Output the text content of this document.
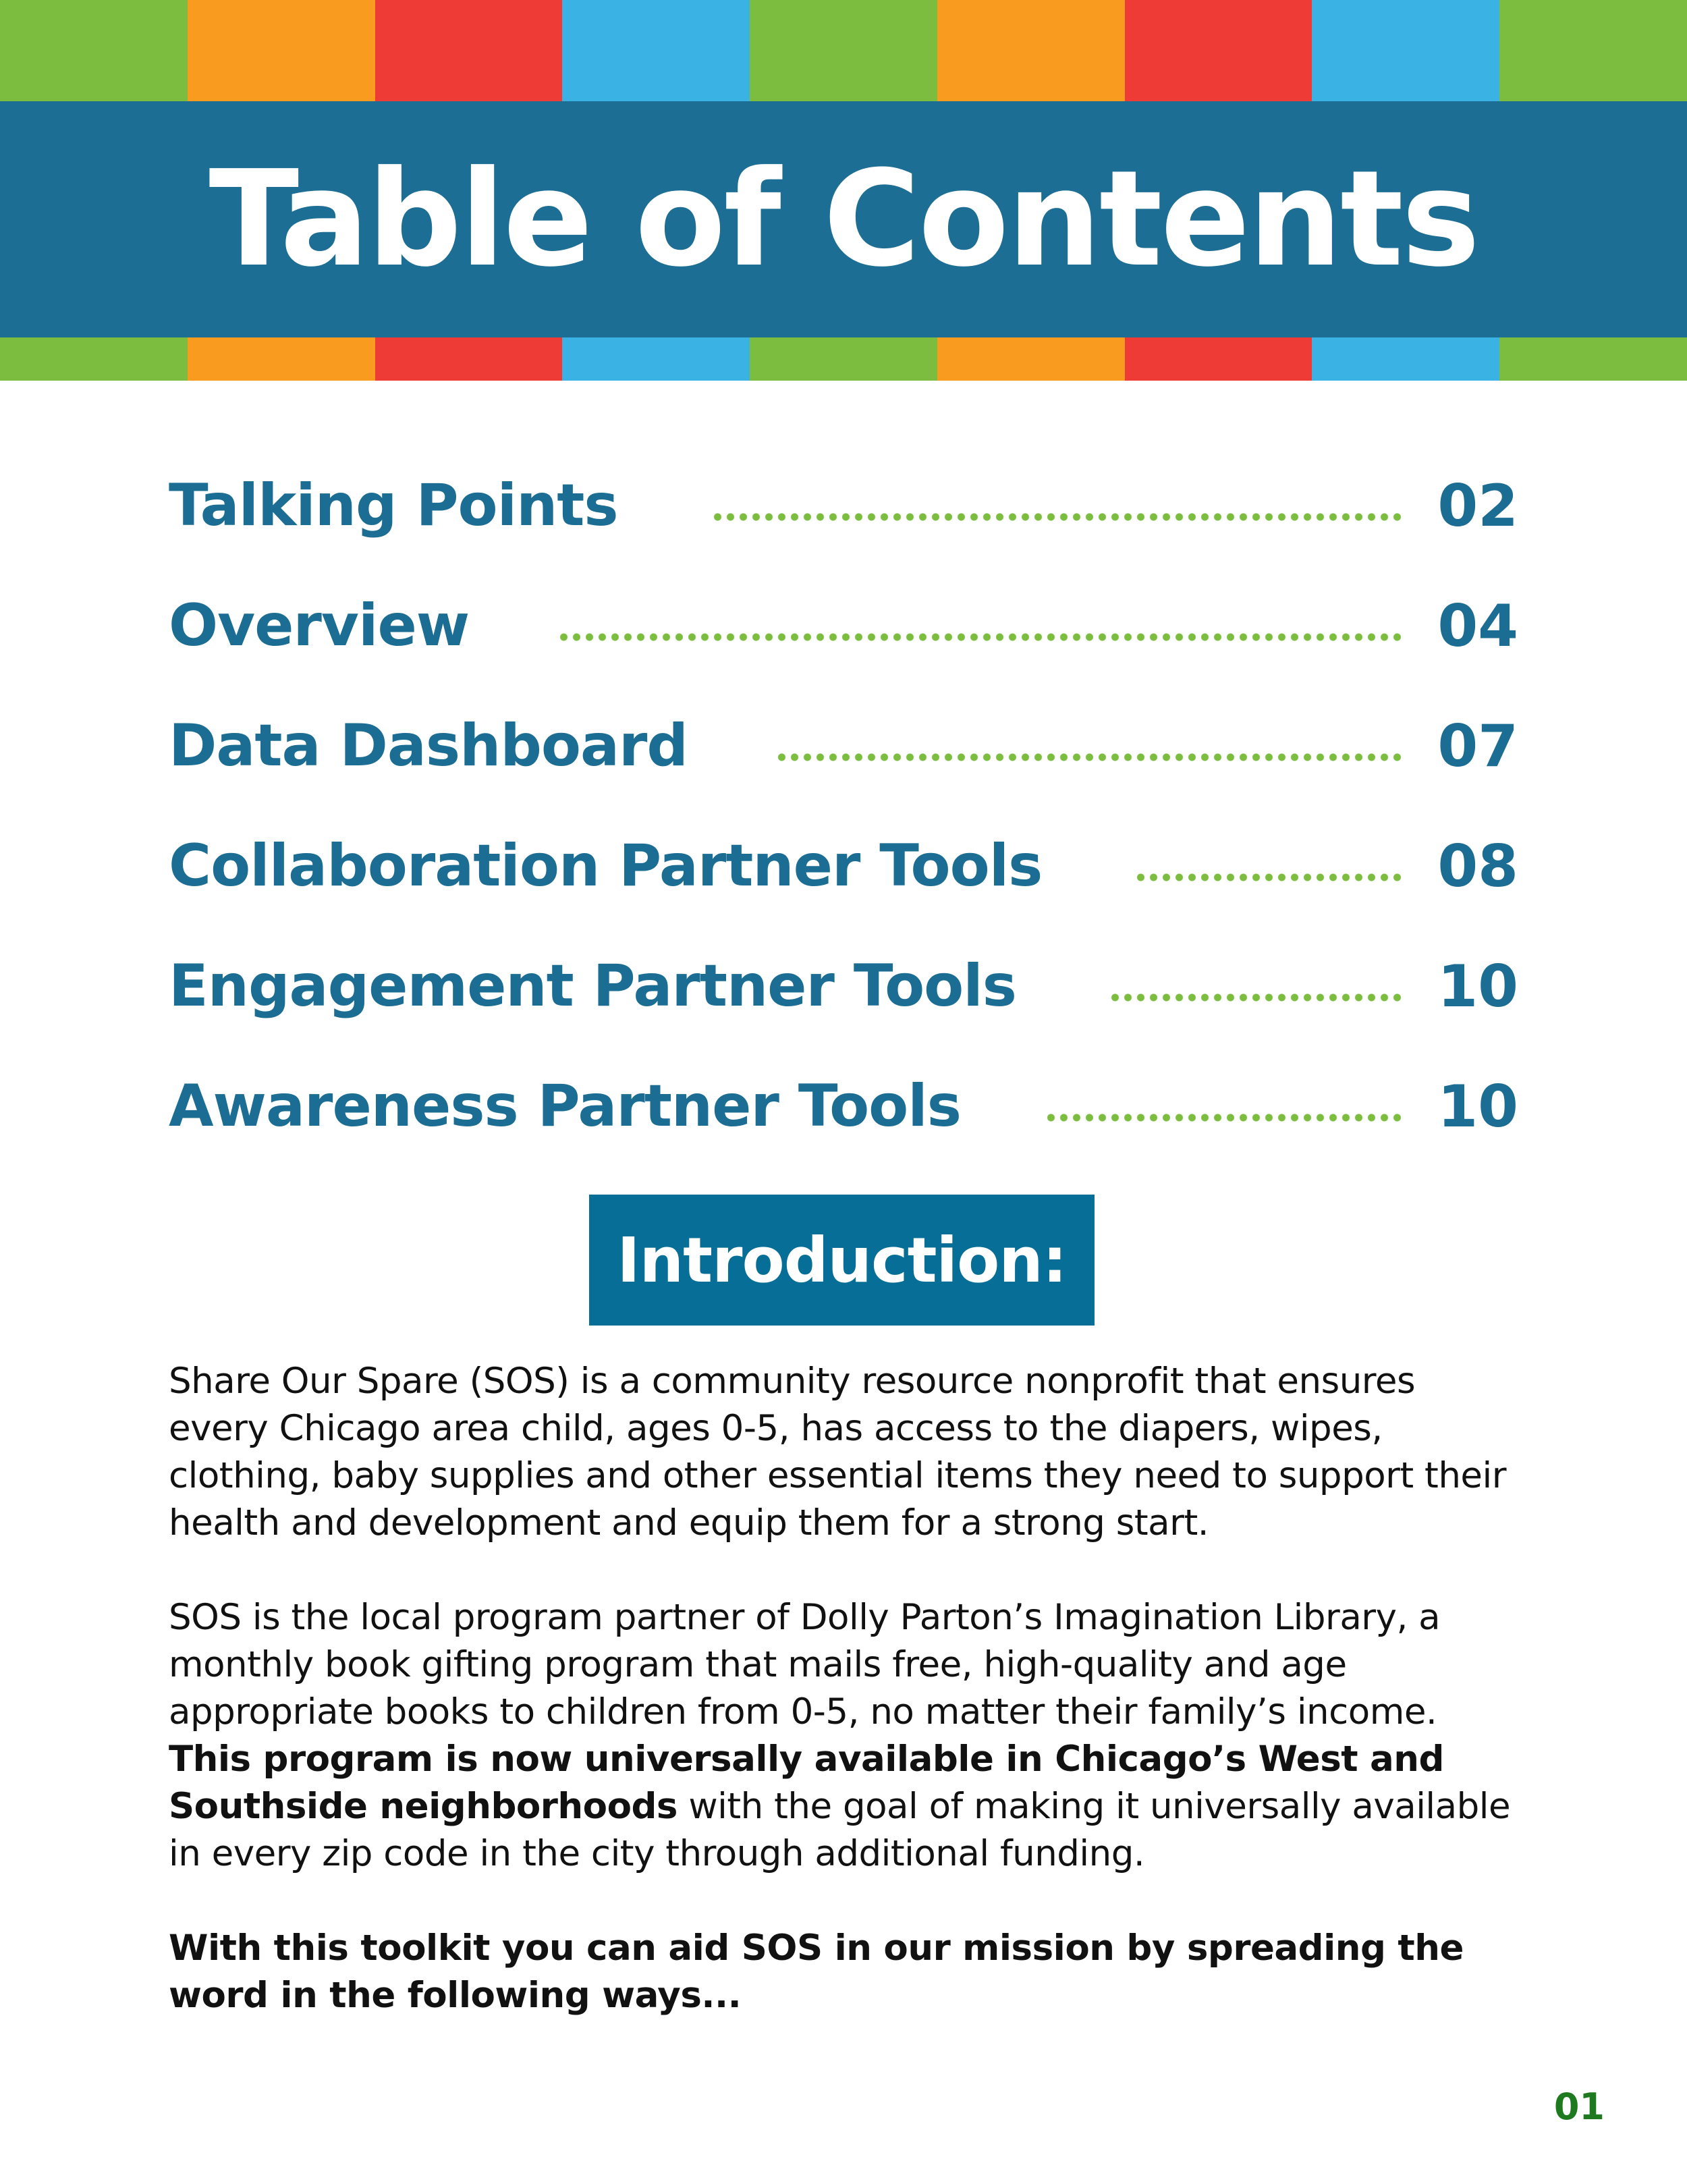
Table of Contents
Talking Points	02
Overview	04
Data Dashboard	07
Collaboration Partner Tools	08
Engagement Partner Tools	10
Awareness Partner Tools	10
Introduction:

Share Our Spare (SOS) is a community resource nonprofit that ensures every Chicago area child, ages 0-5, has access to the diapers, wipes, clothing, baby supplies and other essential items they need to support their health and development and equip them for a strong start.

SOS is the local program partner of Dolly Parton’s Imagination Library, a monthly book gifting program that mails free, high-quality and age appropriate books to children from 0-5, no matter their family’s income. This program is now universally available in Chicago’s West and Southside neighborhoods with the goal of making it universally available in every zip code in the city through additional funding.

With this toolkit you can aid SOS in our mission by spreading the word in the following ways...

01
